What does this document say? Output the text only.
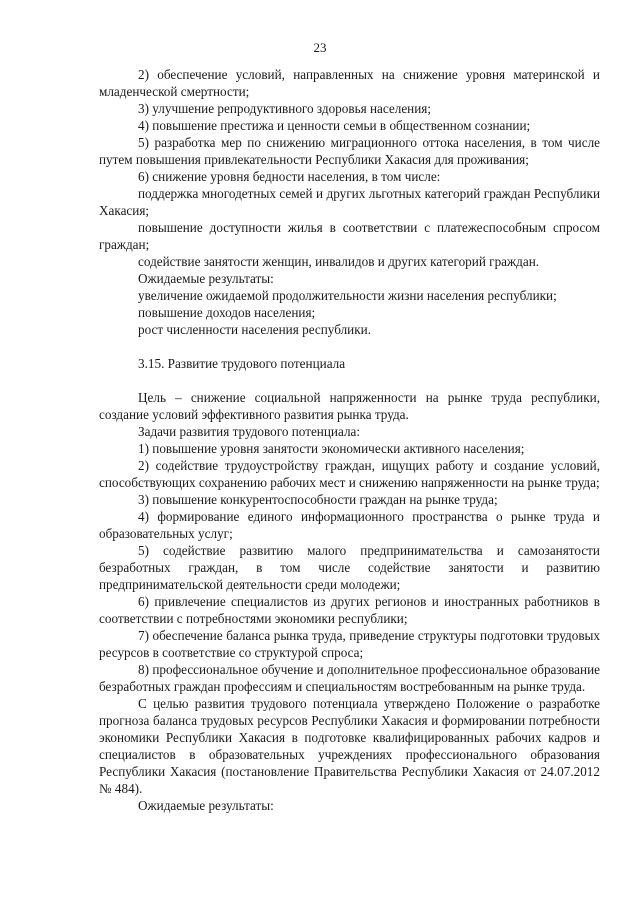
23

2) обеспечение условий, направленных на снижение уровня материнской и младенческой смертности;

3) улучшение репродуктивного здоровья населения;

4) повышение престижа и ценности семьи в общественном сознании;

5) разработка мер по снижению миграционного оттока населения, в том числе путем повышения привлекательности Республики Хакасия для проживания;

6) снижение уровня бедности населения, в том числе:

поддержка многодетных семей и других льготных категорий граждан Республики Хакасия;

повышение доступности жилья в соответствии с платежеспособным спросом граждан;

содействие занятости женщин, инвалидов и других категорий граждан.

Ожидаемые результаты:

увеличение ожидаемой продолжительности жизни населения республики;

повышение доходов населения;

рост численности населения республики.

3.15. Развитие трудового потенциала

Цель – снижение социальной напряженности на рынке труда республики, создание условий эффективного развития рынка труда.

Задачи развития трудового потенциала:

1) повышение уровня занятости экономически активного населения;

2) содействие трудоустройству граждан, ищущих работу и создание условий, способствующих сохранению рабочих мест и снижению напряженности на рынке труда;

3) повышение конкурентоспособности граждан на рынке труда;

4) формирование единого информационного пространства о рынке труда и образовательных услуг;

5) содействие развитию малого предпринимательства и самозанятости безработных граждан, в том числе содействие занятости и развитию предпринимательской деятельности среди молодежи;

6) привлечение специалистов из других регионов и иностранных работников в соответствии с потребностями экономики республики;

7) обеспечение баланса рынка труда, приведение структуры подготовки трудовых ресурсов в соответствие со структурой спроса;

8) профессиональное обучение и дополнительное профессиональное образование безработных граждан профессиям и специальностям востребованным на рынке труда.

С целью развития трудового потенциала утверждено Положение о разработке прогноза баланса трудовых ресурсов Республики Хакасия и формировании потребности экономики Республики Хакасия в подготовке квалифицированных рабочих кадров и специалистов в образовательных учреждениях профессионального образования Республики Хакасия (постановление Правительства Республики Хакасия от 24.07.2012 № 484).

Ожидаемые результаты:
